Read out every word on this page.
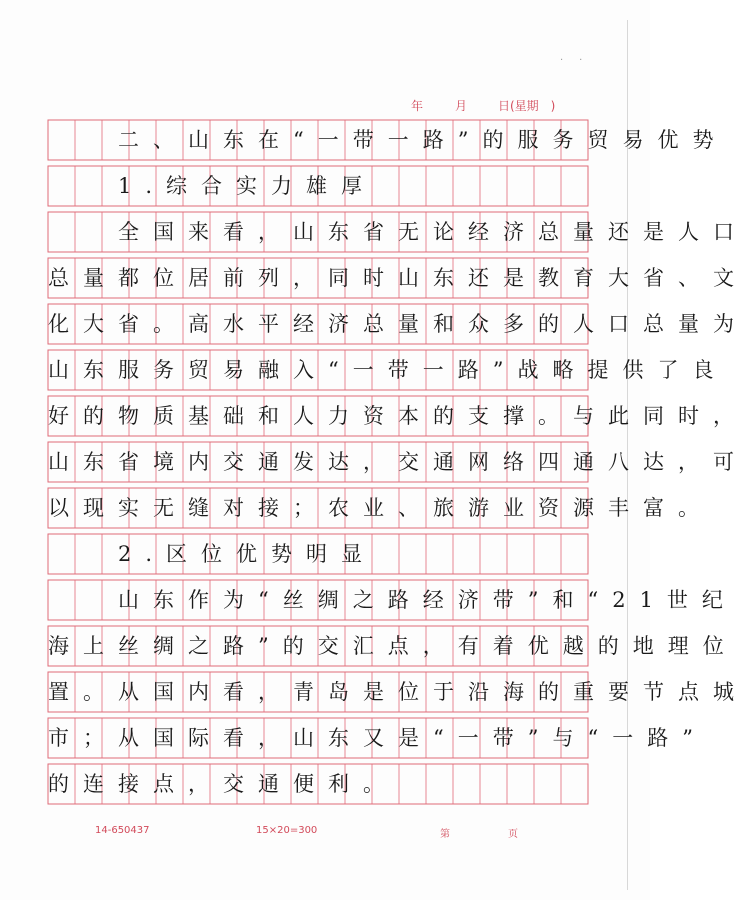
·     ·
年	月	日(星期　)
　　二、山东在“一带一路”的服务贸易优势
　　1.综合实力雄厚
　　全国来看，山东省无论经济总量还是人口
总量都位居前列，同时山东还是教育大省、文
化大省。高水平经济总量和众多的人口总量为
山东服务贸易融入“一带一路”战略提供了良
好的物质基础和人力资本的支撑。与此同时，
山东省境内交通发达，交通网络四通八达，可
以现实无缝对接；农业、旅游业资源丰富。
　　2.区位优势明显
　　山东作为“丝绸之路经济带”和“21世纪
海上丝绸之路”的交汇点，有着优越的地理位
置。从国内看，青岛是位于沿海的重要节点城
市；从国际看，山东又是“一带”与“一路”
的连接点，交通便利。
14-650437	15×20=300	第	页
